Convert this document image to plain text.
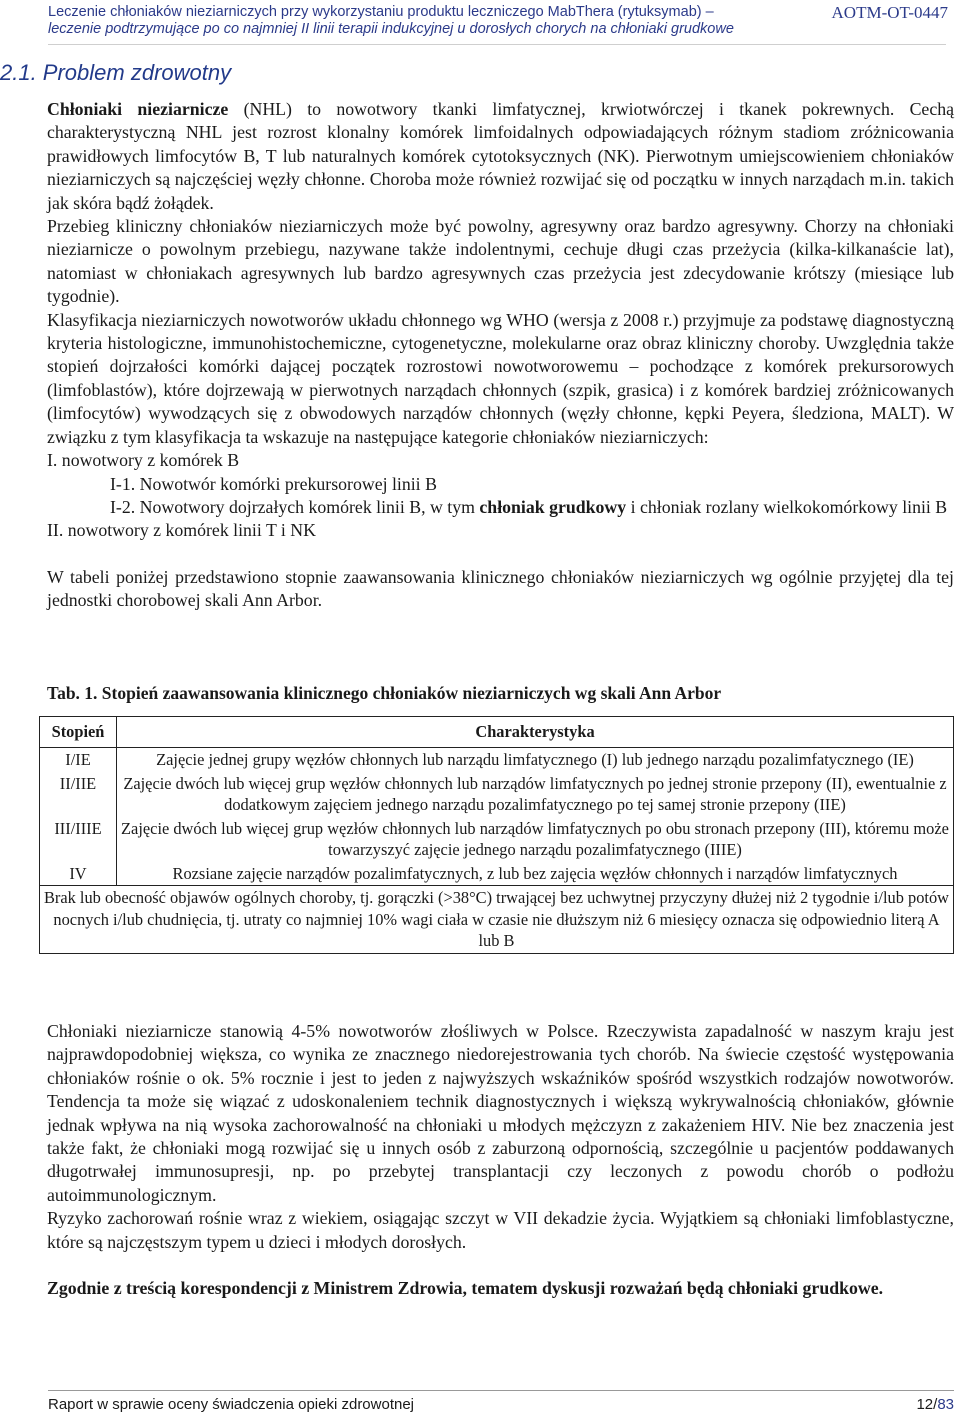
Leczenie chłoniaków nieziarniczych przy wykorzystaniu produktu leczniczego MabThera (rytuksymab) –
leczenie podtrzymujące po co najmniej II linii terapii indukcyjnej u dorosłych chorych na chłoniaki grudkowe
AOTM-OT-0447
2.1. Problem zdrowotny

Chłoniaki nieziarnicze (NHL) to nowotwory tkanki limfatycznej, krwiotwórczej i tkanek pokrewnych. Cechą charakterystyczną NHL jest rozrost klonalny komórek limfoidalnych odpowiadających różnym stadiom zróżnicowania prawidłowych limfocytów B, T lub naturalnych komórek cytotoksycznych (NK). Pierwotnym umiejscowieniem chłoniaków nieziarniczych są najczęściej węzły chłonne. Choroba może również rozwijać się od początku w innych narządach m.in. takich jak skóra bądź żołądek.

Przebieg kliniczny chłoniaków nieziarniczych może być powolny, agresywny oraz bardzo agresywny. Chorzy na chłoniaki nieziarnicze o powolnym przebiegu, nazywane także indolentnymi, cechuje długi czas przeżycia (kilka-kilkanaście lat), natomiast w chłoniakach agresywnych lub bardzo agresywnych czas przeżycia jest zdecydowanie krótszy (miesiące lub tygodnie).

Klasyfikacja nieziarniczych nowotworów układu chłonnego wg WHO (wersja z 2008 r.) przyjmuje za podstawę diagnostyczną kryteria histologiczne, immunohistochemiczne, cytogenetyczne, molekularne oraz obraz kliniczny choroby. Uwzględnia także stopień dojrzałości komórki dającej początek rozrostowi nowotworowemu – pochodzące z komórek prekursorowych (limfoblastów), które dojrzewają w pierwotnych narządach chłonnych (szpik, grasica) i z komórek bardziej zróżnicowanych (limfocytów) wywodzących się z obwodowych narządów chłonnych (węzły chłonne, kępki Peyera, śledziona, MALT). W związku z tym klasyfikacja ta wskazuje na następujące kategorie chłoniaków nieziarniczych:

I. nowotwory z komórek B

I-1. Nowotwór komórki prekursorowej linii B

I-2. Nowotwory dojrzałych komórek linii B, w tym chłoniak grudkowy i chłoniak rozlany wielkokomórkowy linii B

II. nowotwory z komórek linii T i NK

W tabeli poniżej przedstawiono stopnie zaawansowania klinicznego chłoniaków nieziarniczych wg ogólnie przyjętej dla tej jednostki chorobowej skali Ann Arbor.

Tab. 1. Stopień zaawansowania klinicznego chłoniaków nieziarniczych wg skali Ann Arbor
Stopień	Charakterystyka
I/IE	Zajęcie jednej grupy węzłów chłonnych lub narządu limfatycznego (I) lub jednego narządu pozalimfatycznego (IE)
II/IIE	Zajęcie dwóch lub więcej grup węzłów chłonnych lub narządów limfatycznych po jednej stronie przepony (II), ewentualnie z dodatkowym zajęciem jednego narządu pozalimfatycznego po tej samej stronie przepony (IIE)
III/IIIE	Zajęcie dwóch lub więcej grup węzłów chłonnych lub narządów limfatycznych po obu stronach przepony (III), któremu może towarzyszyć zajęcie jednego narządu pozalimfatycznego (IIIE)
IV	Rozsiane zajęcie narządów pozalimfatycznych, z lub bez zajęcia węzłów chłonnych i narządów limfatycznych
Brak lub obecność objawów ogólnych choroby, tj. gorączki (>38°C) trwającej bez uchwytnej przyczyny dłużej niż 2 tygodnie i/lub potów nocnych i/lub chudnięcia, tj. utraty co najmniej 10% wagi ciała w czasie nie dłuższym niż 6 miesięcy oznacza się odpowiednio literą A lub B	

Chłoniaki nieziarnicze stanowią 4-5% nowotworów złośliwych w Polsce. Rzeczywista zapadalność w naszym kraju jest najprawdopodobniej większa, co wynika ze znacznego niedorejestrowania tych chorób. Na świecie częstość występowania chłoniaków rośnie o ok. 5% rocznie i jest to jeden z najwyższych wskaźników spośród wszystkich rodzajów nowotworów. Tendencja ta może się wiązać z udoskonaleniem technik diagnostycznych i większą wykrywalnością chłoniaków, głównie jednak wpływa na nią wysoka zachorowalność na chłoniaki u młodych mężczyzn z zakażeniem HIV. Nie bez znaczenia jest także fakt, że chłoniaki mogą rozwijać się u innych osób z zaburzoną odpornością, szczególnie u pacjentów poddawanych długotrwałej immunosupresji, np. po przebytej transplantacji czy leczonych z powodu chorób o podłożu autoimmunologicznym.

Ryzyko zachorowań rośnie wraz z wiekiem, osiągając szczyt w VII dekadzie życia. Wyjątkiem są chłoniaki limfoblastyczne, które są najczęstszym typem u dzieci i młodych dorosłych.

Zgodnie z treścią korespondencji z Ministrem Zdrowia, tematem dyskusji rozważań będą chłoniaki grudkowe.

Raport w sprawie oceny świadczenia opieki zdrowotnej	12/83
